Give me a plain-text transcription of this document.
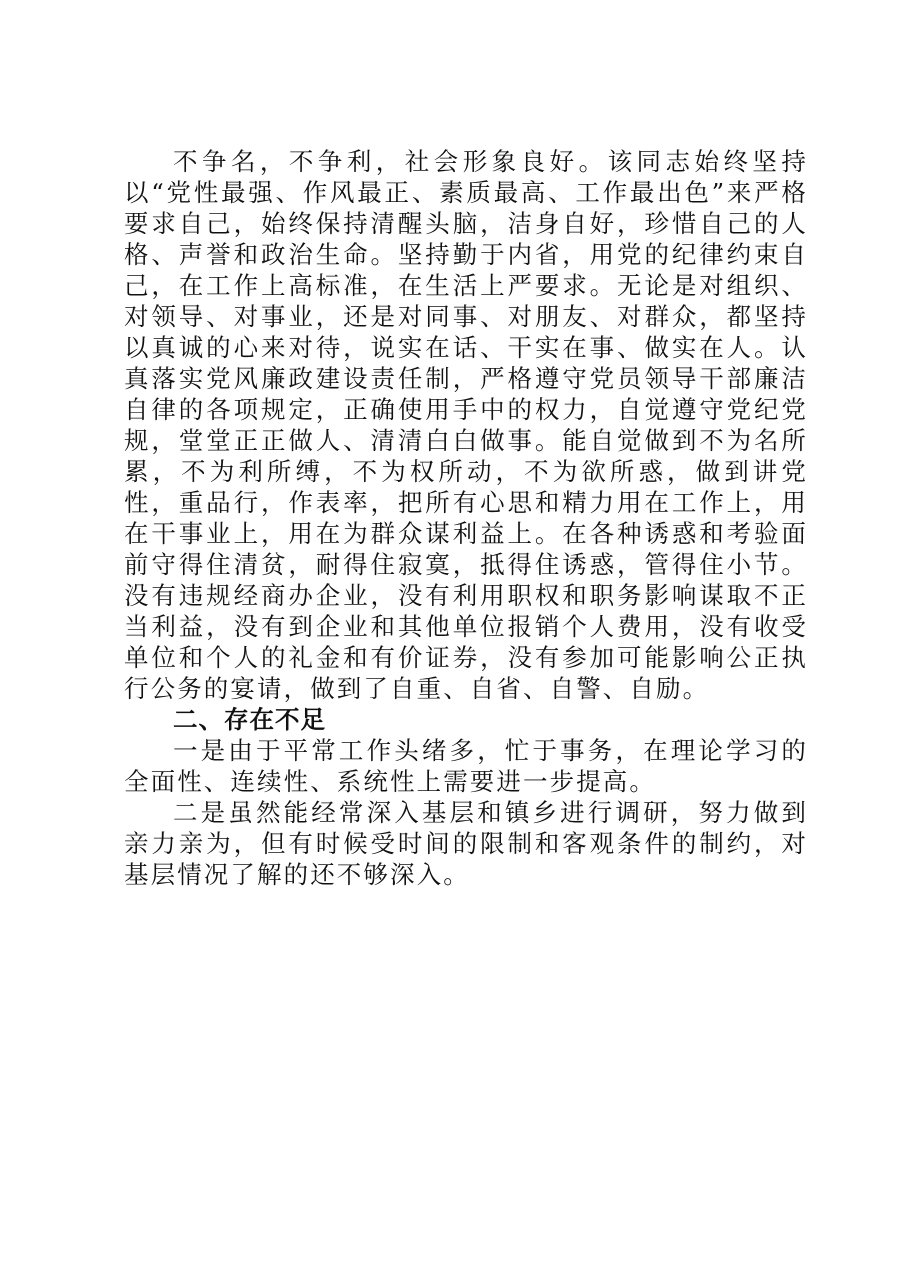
不争名，不争利，社会形象良好。该同志始终坚持以“党性最强、作风最正、素质最高、工作最出色”来严格要求自己，始终保持清醒头脑，洁身自好，珍惜自己的人格、声誉和政治生命。坚持勤于内省，用党的纪律约束自己，在工作上高标准，在生活上严要求。无论是对组织、对领导、对事业，还是对同事、对朋友、对群众，都坚持以真诚的心来对待，说实在话、干实在事、做实在人。认真落实党风廉政建设责任制，严格遵守党员领导干部廉洁自律的各项规定，正确使用手中的权力，自觉遵守党纪党规，堂堂正正做人、清清白白做事。能自觉做到不为名所累，不为利所缚，不为权所动，不为欲所惑，做到讲党性，重品行，作表率，把所有心思和精力用在工作上，用在干事业上，用在为群众谋利益上。在各种诱惑和考验面前守得住清贫，耐得住寂寞，抵得住诱惑，管得住小节。没有违规经商办企业，没有利用职权和职务影响谋取不正当利益，没有到企业和其他单位报销个人费用，没有收受单位和个人的礼金和有价证券，没有参加可能影响公正执行公务的宴请，做到了自重、自省、自警、自励。

二、存在不足

一是由于平常工作头绪多，忙于事务，在理论学习的全面性、连续性、系统性上需要进一步提高。

二是虽然能经常深入基层和镇乡进行调研，努力做到亲力亲为，但有时候受时间的限制和客观条件的制约，对基层情况了解的还不够深入。
